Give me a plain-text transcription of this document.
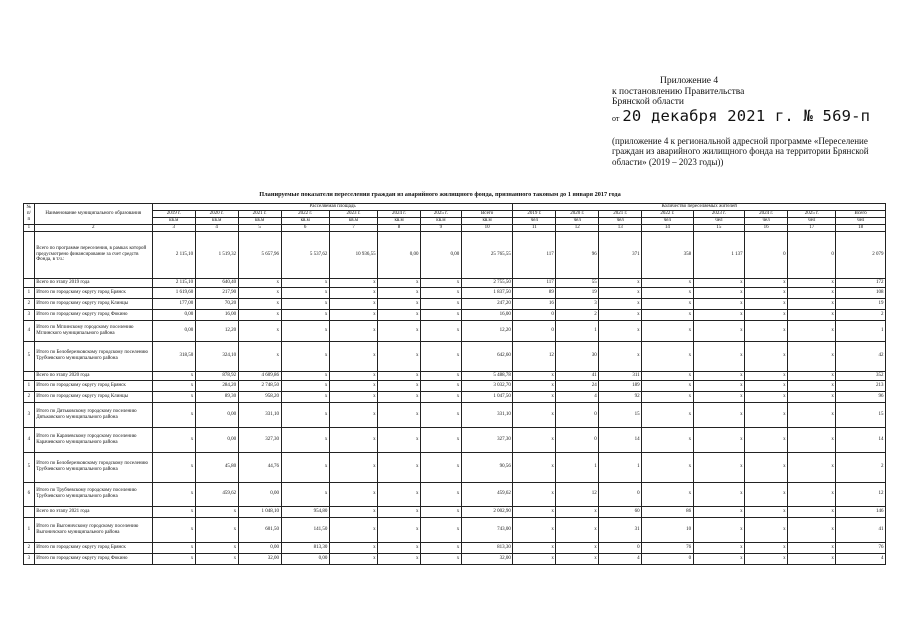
Приложение 4
к постановлению Правительства
Брянской области
от 20 декабря 2021 г. № 569-п
(приложение 4 к региональной адресной программе «Переселение граждан из аварийного жилищного фонда на территории Брянской области» (2019 – 2023 годы))
Планируемые показатели переселения граждан из аварийного жилищного фонда, признанного таковым до 1 января 2017 года
№ п/п	Наименование муниципального образования	Расселяемая площадь								Количество переселяемых жителей							
		2019 г.	2020 г.	2021 г.	2022 г.	2023 г.	2024 г.	2025 г.	Всего	2019 г.	2020 г.	2021 г.	2022 г.	2023 г.	2024 г.	2025 г.	Всего
		кв.м	кв.м	кв.м	кв.м	кв.м	кв.м	кв.м	кв.м	чел	чел	чел	чел	чел	чел	чел	чел
1	2	3	4	5	6	7	8	9	10	11	12	13	14	15	16	17	18
	Всего по программе переселения, в рамках которой предусмотрено финансирование за счет средств Фонда, в т.ч.:	2 115,10	1 519,32	5 657,96	5 537,62	10 936,55	0,00	0,00	25 765,55	117	96	371	358	1 137	0	0	2 079
	Всего по этапу 2019 года	2 115,10	640,40	x	x	x	x	x	2 755,50	117	55	x	x	x	x	x	172
1	Итого по городскому округу город Брянск	1 619,60	217,90	x	x	x	x	x	1 837,50	89	19	x	x	x	x	x	108
2	Итого по городскому округу город Клинцы	177,00	70,20	x	x	x	x	x	247,20	16	3	x	x	x	x	x	19
3	Итого по городскому округу город Фокино	0,00	16,00	x	x	x	x	x	16,00	0	2	x	x	x	x	x	2
4	Итого по Мглинскому городскому поселению Мглинского муниципального района	0,00	12,20	x	x	x	x	x	12,20	0	1	x	x	x	x	x	1
5	Итого по Белоберезковскому городскому поселению Трубчевского муниципального района	318,50	324,10	x	x	x	x	x	642,60	12	30	x	x	x	x	x	42
	Всего по этапу 2020 года	x	878,92	4 609,86	x	x	x	x	5 488,78	x	41	311	x	x	x	x	352
1	Итого по городскому округу город Брянск	x	284,20	2 748,50	x	x	x	x	3 032,70	x	24	189	x	x	x	x	213
2	Итого по городскому округу город Клинцы	x	89,30	958,20	x	x	x	x	1 047,50	x	4	92	x	x	x	x	96
3	Итого по Дятьковскому городскому поселению Дятьковского муниципального района	x	0,00	331,10	x	x	x	x	331,10	x	0	15	x	x	x	x	15
4	Итого по Карачевскому городскому поселению Карачевского муниципального района	x	0,00	327,30	x	x	x	x	327,30	x	0	14	x	x	x	x	14
5	Итого по Белоберезковскому городскому поселению Трубчевского муниципального района	x	45,80	44,76	x	x	x	x	90,56	x	1	1	x	x	x	x	2
6	Итого по Трубчевскому городскому поселению Трубчевского муниципального района	x	459,62	0,00	x	x	x	x	459,62	x	12	0	x	x	x	x	12
	Всего по этапу 2021 года	x	x	1 048,10	954,80	x	x	x	2 002,90	x	x	60	86	x	x	x	146
1	Итого по Выгоничскому городскому поселению Выгоничского муниципального района	x	x	601,50	141,50	x	x	x	743,00	x	x	31	10	x	x	x	41
2	Итого по городскому округу город Брянск	x	x	0,00	813,30	x	x	x	813,30	x	x	0	76	x	x	x	76
3	Итого по городскому округу город Фокино	x	x	32,00	0,00	x	x	x	32,00	x	x	4	0	x	x	x	4
